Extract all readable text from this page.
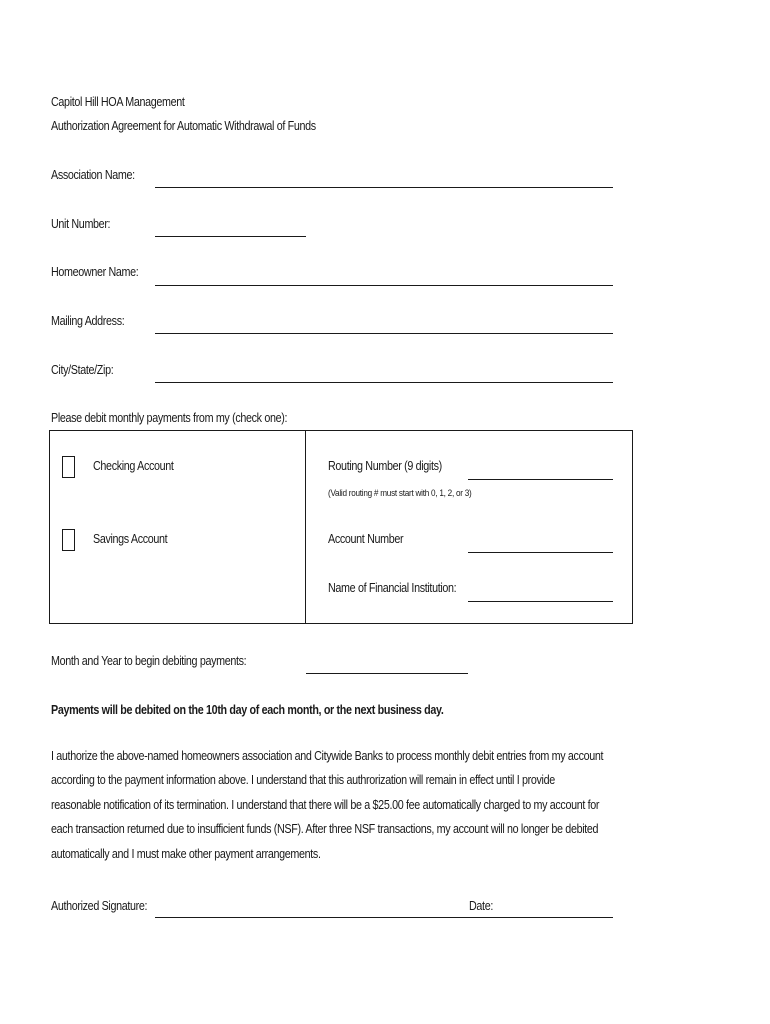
Capitol Hill HOA Management
Authorization Agreement for Automatic Withdrawal of Funds
Association Name:
Unit Number:
Homeowner Name:
Mailing Address:
City/State/Zip:
Please debit monthly payments from my (check one):
Checking Account
Savings Account
Routing Number (9 digits)
(Valid routing # must start with 0, 1, 2, or 3)
Account Number
Name of Financial Institution:
Month and Year to begin debiting payments:
Payments will be debited on the 10th day of each month, or the next business day.
I authorize the above-named homeowners association and Citywide Banks to process monthly debit entries from my account
according to the payment information above. I understand that this authrorization will remain in effect until I provide
reasonable notification of its termination. I understand that there will be a $25.00 fee automatically charged to my account for
each transaction returned due to insufficient funds (NSF). After three NSF transactions, my account will no longer be debited
automatically and I must make other payment arrangements.
Authorized Signature:	Date:
